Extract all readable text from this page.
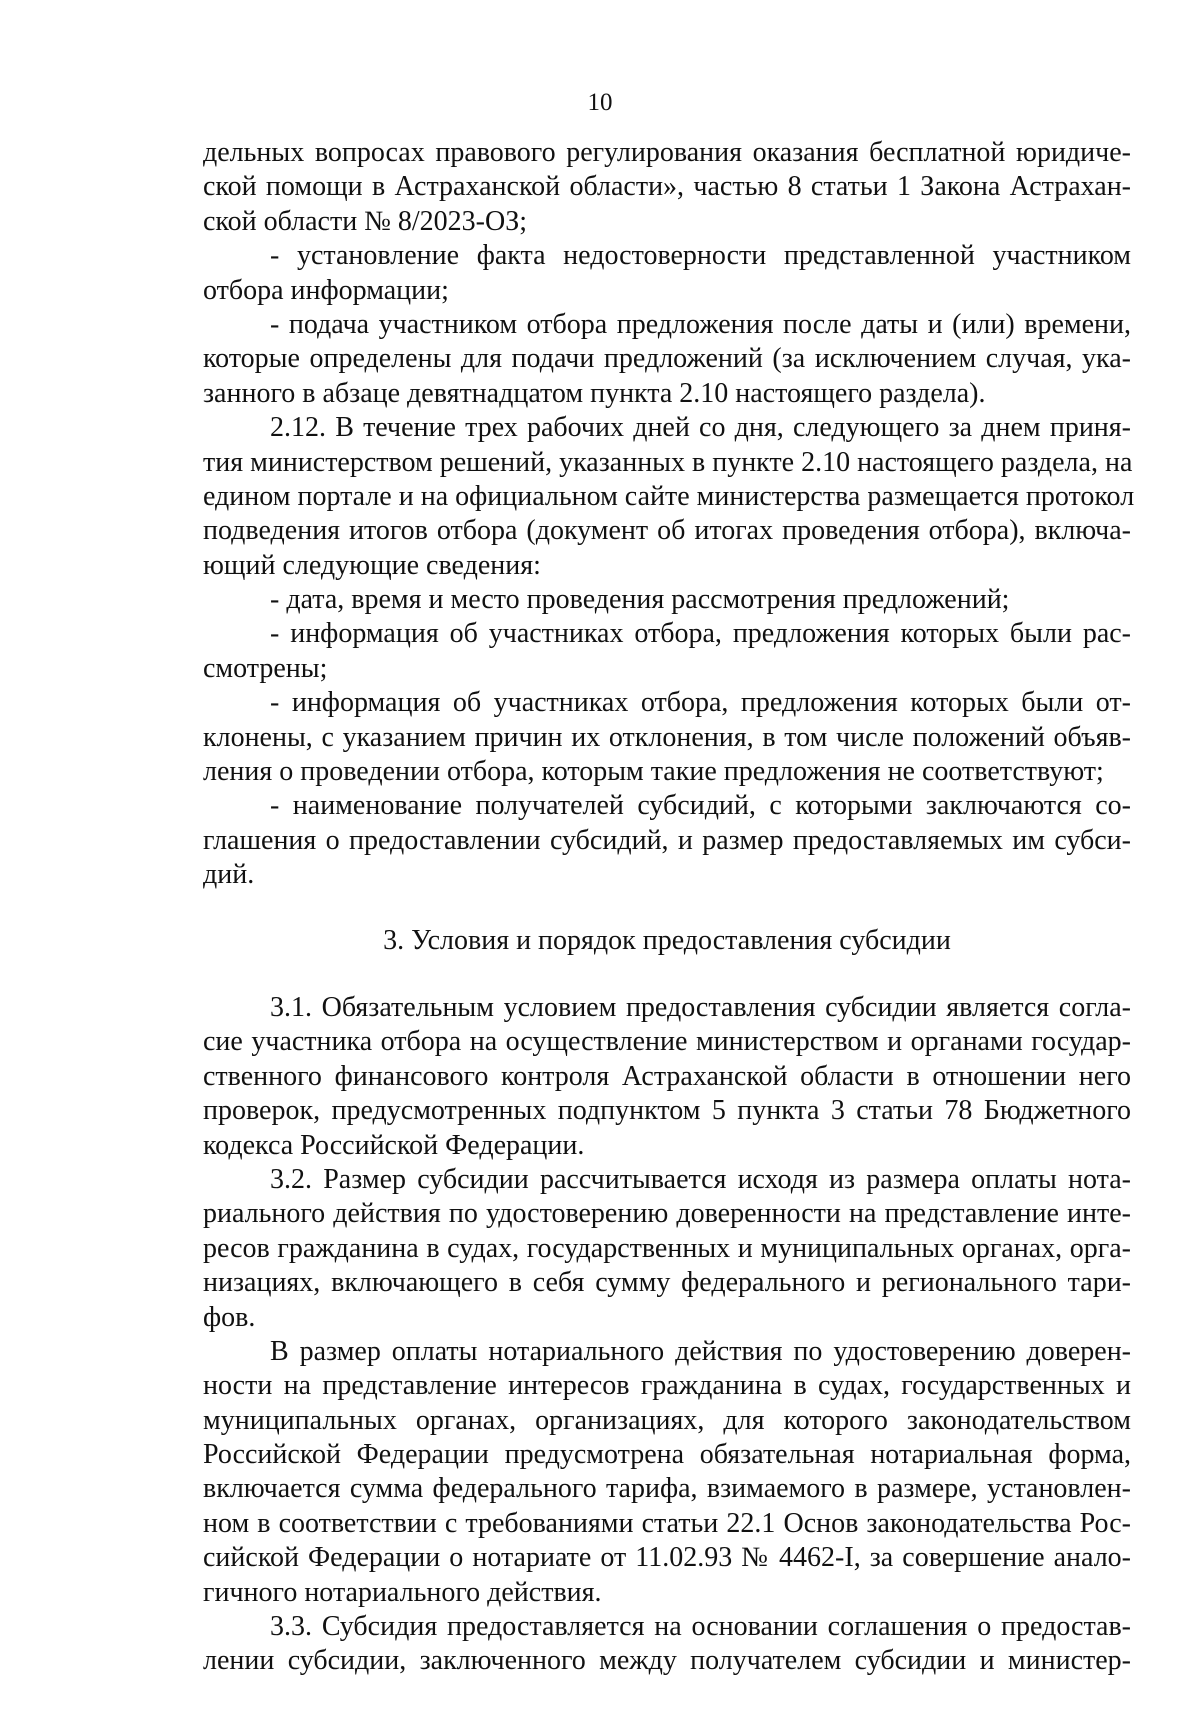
10
дельных вопросах правового регулирования оказания бесплатной юридиче-
ской помощи в Астраханской области», частью 8 статьи 1 Закона Астрахан-
ской области № 8/2023-ОЗ;
- установление факта недостоверности представленной участником
отбора информации;
- подача участником отбора предложения после даты и (или) времени,
которые определены для подачи предложений (за исключением случая, ука-
занного в абзаце девятнадцатом пункта 2.10 настоящего раздела).
2.12. В течение трех рабочих дней со дня, следующего за днем приня-
тия министерством решений, указанных в пункте 2.10 настоящего раздела, на
едином портале и на официальном сайте министерства размещается протокол
подведения итогов отбора (документ об итогах проведения отбора), включа-
ющий следующие сведения:
- дата, время и место проведения рассмотрения предложений;
- информация об участниках отбора, предложения которых были рас-
смотрены;
- информация об участниках отбора, предложения которых были от-
клонены, с указанием причин их отклонения, в том числе положений объяв-
ления о проведении отбора, которым такие предложения не соответствуют;
- наименование получателей субсидий, с которыми заключаются со-
глашения о предоставлении субсидий, и размер предоставляемых им субси-
дий.
3. Условия и порядок предоставления субсидии
3.1. Обязательным условием предоставления субсидии является согла-
сие участника отбора на осуществление министерством и органами государ-
ственного финансового контроля Астраханской области в отношении него
проверок, предусмотренных подпунктом 5 пункта 3 статьи 78 Бюджетного
кодекса Российской Федерации.
3.2. Размер субсидии рассчитывается исходя из размера оплаты нота-
риального действия по удостоверению доверенности на представление инте-
ресов гражданина в судах, государственных и муниципальных органах, орга-
низациях, включающего в себя сумму федерального и регионального тари-
фов.
В размер оплаты нотариального действия по удостоверению доверен-
ности на представление интересов гражданина в судах, государственных и
муниципальных органах, организациях, для которого законодательством
Российской Федерации предусмотрена обязательная нотариальная форма,
включается сумма федерального тарифа, взимаемого в размере, установлен-
ном в соответствии с требованиями статьи 22.1 Основ законодательства Рос-
сийской Федерации о нотариате от 11.02.93 № 4462-I, за совершение анало-
гичного нотариального действия.
3.3. Субсидия предоставляется на основании соглашения о предостав-
лении субсидии, заключенного между получателем субсидии и министер-
